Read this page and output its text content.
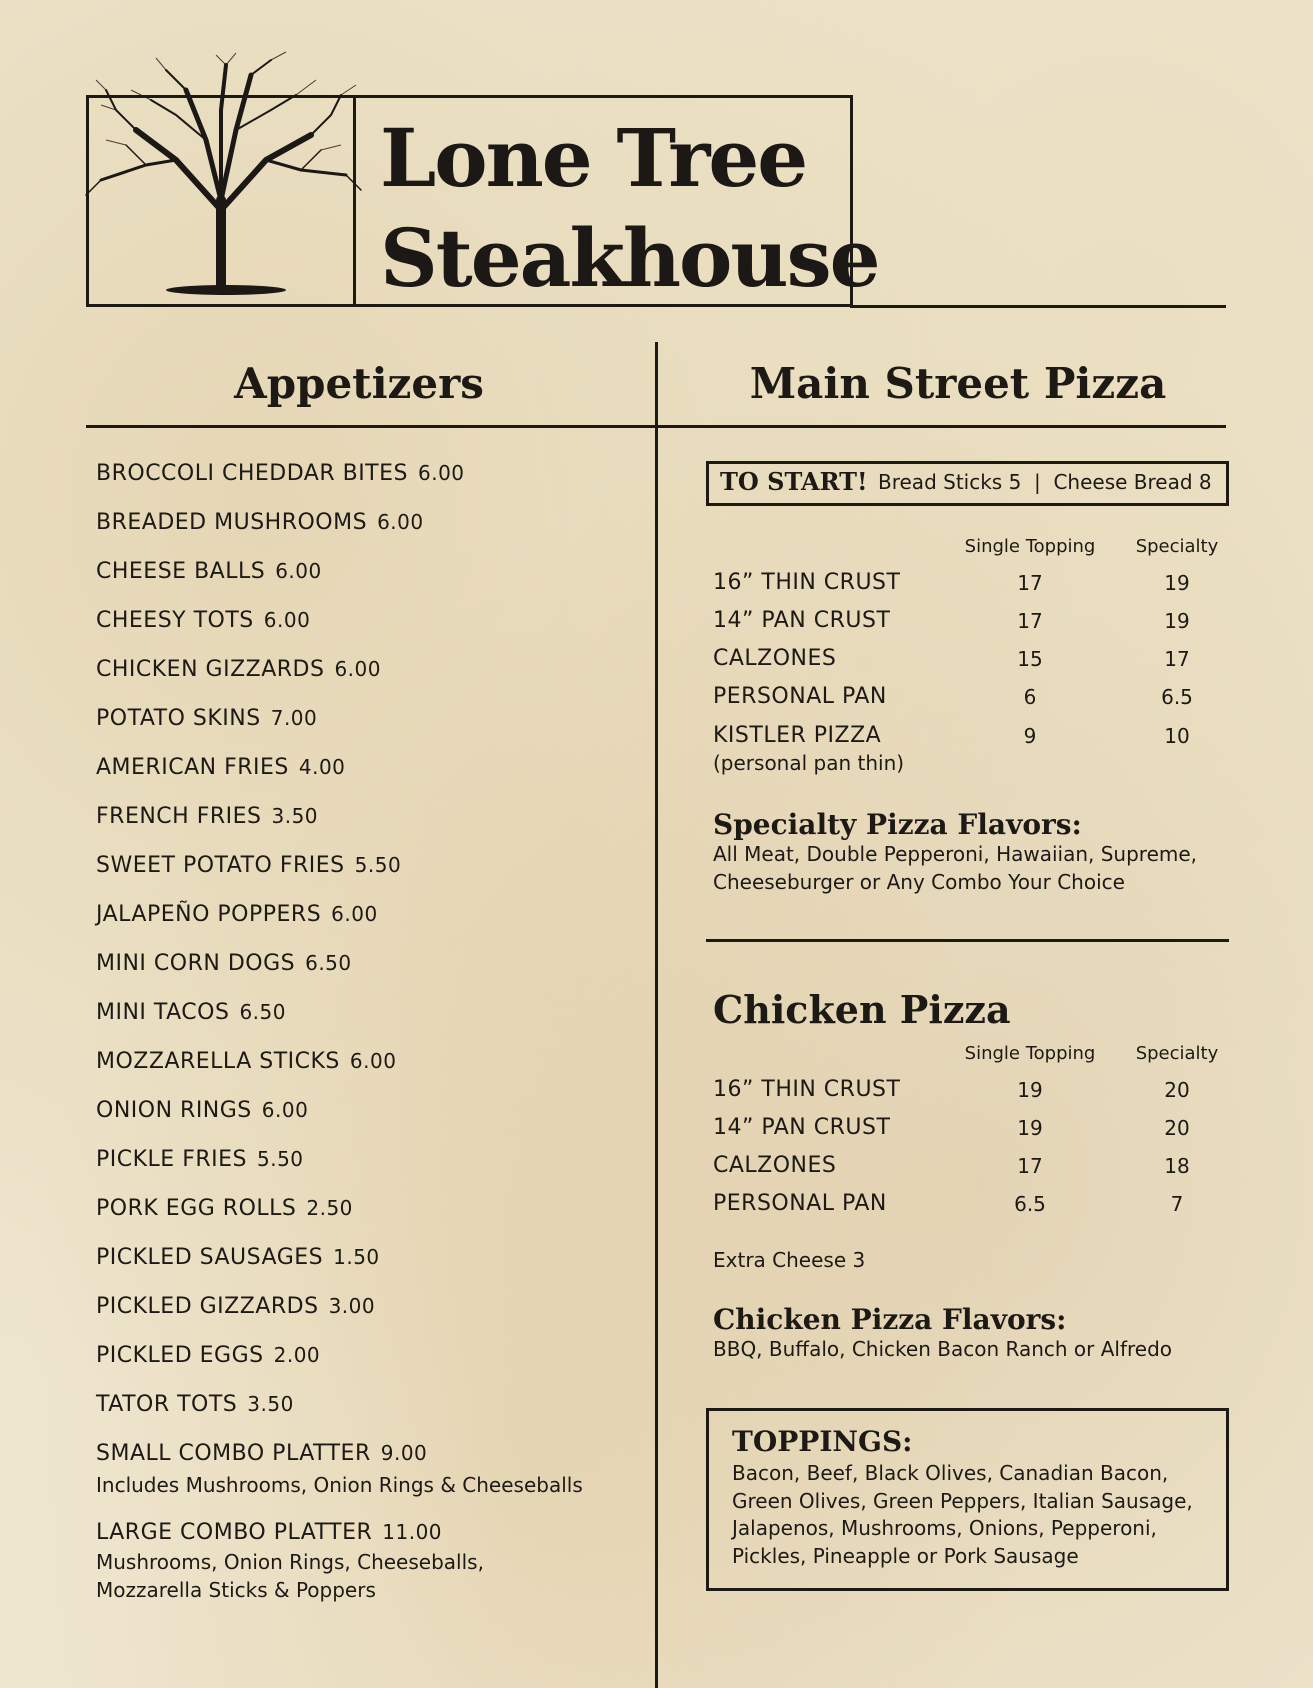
Lone Tree
Steakhouse
Appetizers
BROCCOLI CHEDDAR BITES 6.00
BREADED MUSHROOMS 6.00
CHEESE BALLS 6.00
CHEESY TOTS 6.00
CHICKEN GIZZARDS 6.00
POTATO SKINS 7.00
AMERICAN FRIES 4.00
FRENCH FRIES 3.50
SWEET POTATO FRIES 5.50
JALAPEÑO POPPERS 6.00
MINI CORN DOGS 6.50
MINI TACOS 6.50
MOZZARELLA STICKS 6.00
ONION RINGS 6.00
PICKLE FRIES 5.50
PORK EGG ROLLS 2.50
PICKLED SAUSAGES 1.50
PICKLED GIZZARDS 3.00
PICKLED EGGS 2.00
TATOR TOTS 3.50
SMALL COMBO PLATTER 9.00
Includes Mushrooms, Onion Rings & Cheeseballs
LARGE COMBO PLATTER 11.00
Mushrooms, Onion Rings, Cheeseballs,
Mozzarella Sticks & Poppers
Main Street Pizza
TO START! Bread Sticks 5  |  Cheese Bread 8
Single Topping	Specialty
16” THIN CRUST	17	19
14” PAN CRUST	17	19
CALZONES	15	17
PERSONAL PAN	6	6.5
KISTLER PIZZA	9	10
(personal pan thin)
Specialty Pizza Flavors:
All Meat, Double Pepperoni, Hawaiian, Supreme,
Cheeseburger or Any Combo Your Choice
Chicken Pizza
Single Topping	Specialty
16” THIN CRUST	19	20
14” PAN CRUST	19	20
CALZONES	17	18
PERSONAL PAN	6.5	7
Extra Cheese 3
Chicken Pizza Flavors:
BBQ, Buffalo, Chicken Bacon Ranch or Alfredo
TOPPINGS:
Bacon, Beef, Black Olives, Canadian Bacon,
Green Olives, Green Peppers, Italian Sausage,
Jalapenos, Mushrooms, Onions, Pepperoni,
Pickles, Pineapple or Pork Sausage
